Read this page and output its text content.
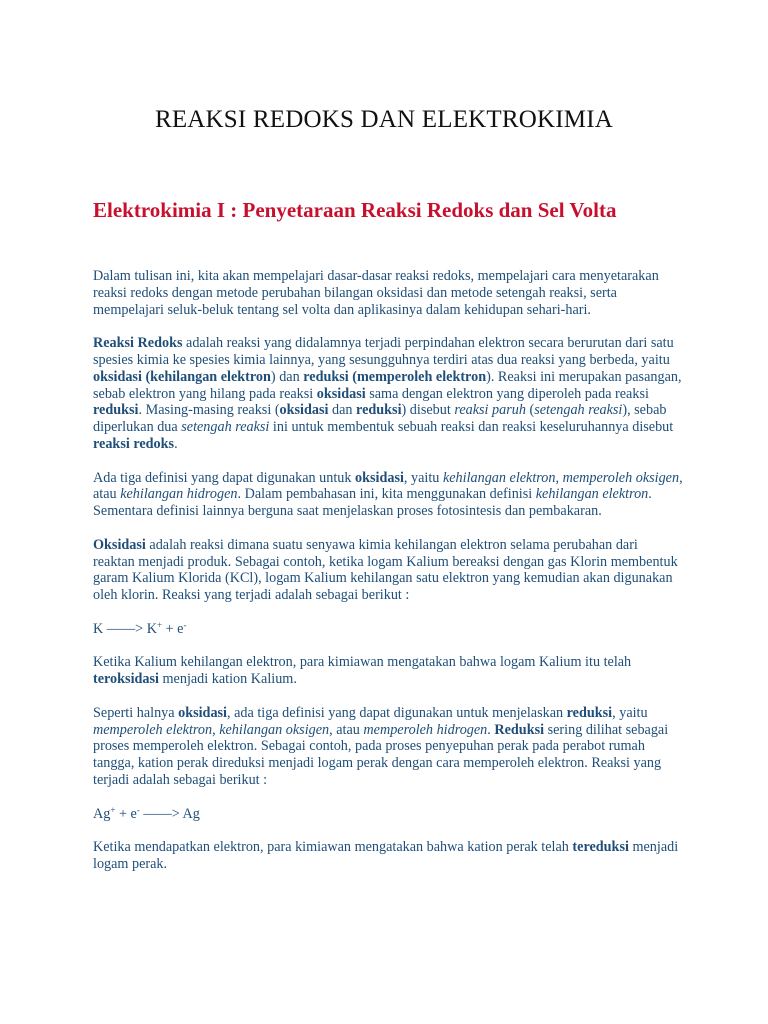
REAKSI REDOKS DAN ELEKTROKIMIA
Elektrokimia I : Penyetaraan Reaksi Redoks dan Sel Volta

Dalam tulisan ini, kita akan mempelajari dasar-dasar reaksi redoks, mempelajari cara menyetarakan reaksi redoks dengan metode perubahan bilangan oksidasi dan metode setengah reaksi, serta mempelajari seluk-beluk tentang sel volta dan aplikasinya dalam kehidupan sehari-hari.

Reaksi Redoks adalah reaksi yang didalamnya terjadi perpindahan elektron secara berurutan dari satu spesies kimia ke spesies kimia lainnya, yang sesungguhnya terdiri atas dua reaksi yang berbeda, yaitu oksidasi (kehilangan elektron) dan reduksi (memperoleh elektron). Reaksi ini merupakan pasangan, sebab elektron yang hilang pada reaksi oksidasi sama dengan elektron yang diperoleh pada reaksi reduksi. Masing-masing reaksi (oksidasi dan reduksi) disebut reaksi paruh (setengah reaksi), sebab diperlukan dua setengah reaksi ini untuk membentuk sebuah reaksi dan reaksi keseluruhannya disebut reaksi redoks.

Ada tiga definisi yang dapat digunakan untuk oksidasi, yaitu kehilangan elektron, memperoleh oksigen, atau kehilangan hidrogen. Dalam pembahasan ini, kita menggunakan definisi kehilangan elektron. Sementara definisi lainnya berguna saat menjelaskan proses fotosintesis dan pembakaran.

Oksidasi adalah reaksi dimana suatu senyawa kimia kehilangan elektron selama perubahan dari reaktan menjadi produk. Sebagai contoh, ketika logam Kalium bereaksi dengan gas Klorin membentuk garam Kalium Klorida (KCl), logam Kalium kehilangan satu elektron yang kemudian akan digunakan oleh klorin. Reaksi yang terjadi adalah sebagai berikut :

K ——> K+ + e-

Ketika Kalium kehilangan elektron, para kimiawan mengatakan bahwa logam Kalium itu telah teroksidasi menjadi kation Kalium.

Seperti halnya oksidasi, ada tiga definisi yang dapat digunakan untuk menjelaskan reduksi, yaitu memperoleh elektron, kehilangan oksigen, atau memperoleh hidrogen. Reduksi sering dilihat sebagai proses memperoleh elektron. Sebagai contoh, pada proses penyepuhan perak pada perabot rumah tangga, kation perak direduksi menjadi logam perak dengan cara memperoleh elektron. Reaksi yang terjadi adalah sebagai berikut :

Ag+ + e- ——> Ag

Ketika mendapatkan elektron, para kimiawan mengatakan bahwa kation perak telah tereduksi menjadi logam perak.
